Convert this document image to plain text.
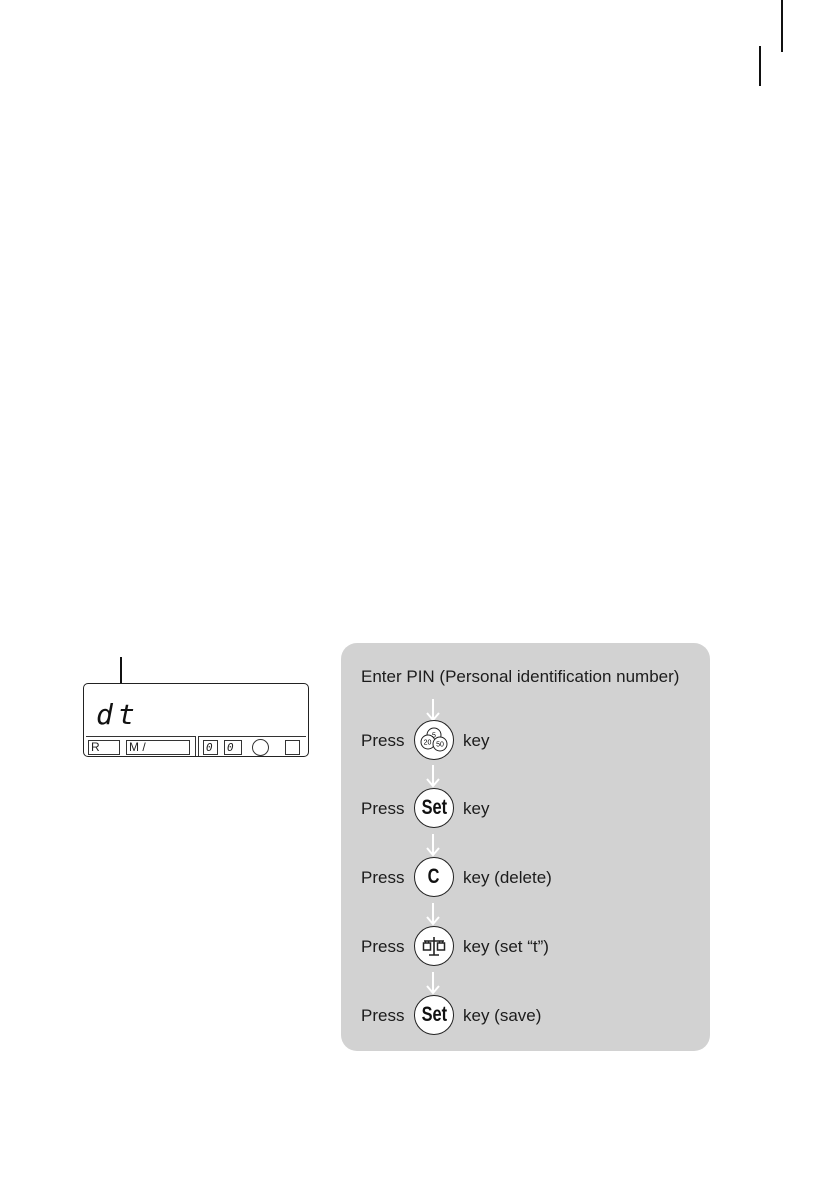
dt
R	M /	0	0
Enter PIN (Personal identification number)
Press	5
20 50 key
Press Set key
Press C key (delete)
Press	key (set “t”)
Press Set key (save)
